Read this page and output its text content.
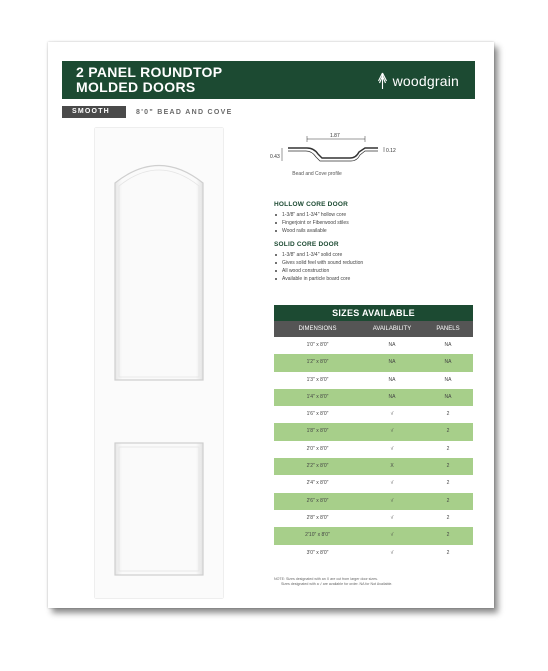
2 PANEL ROUNDTOP
MOLDED DOORS	woodgrain
SMOOTH	8'0" BEAD AND COVE
1.87
0.43
0.12
Bead and Cove profile
HOLLOW CORE DOOR
1-3/8" and 1-3/4" hollow core
Fingerjoint or Fiberwood stiles
Wood rails available
SOLID CORE DOOR
1-3/8" and 1-3/4" solid core
Gives solid feel with sound reduction
All wood construction
Available in particle board core
SIZES AVAILABLE
DIMENSIONS	AVAILABILITY	PANELS
1'0" x 8'0"	NA	NA
1'2" x 8'0"	NA	NA
1'3" x 8'0"	NA	NA
1'4" x 8'0"	NA	NA
1'6" x 8'0"	√	2
1'8" x 8'0"	√	2
2'0" x 8'0"	√	2
2'2" x 8'0"	X	2
2'4" x 8'0"	√	2
2'6" x 8'0"	√	2
2'8" x 8'0"	√	2
2'10" x 8'0"	√	2
3'0" x 8'0"	√	2
NOTE: Sizes designated with an X are cut from larger door sizes.
Sizes designated with a √ are available for order. NA for Not Available.
